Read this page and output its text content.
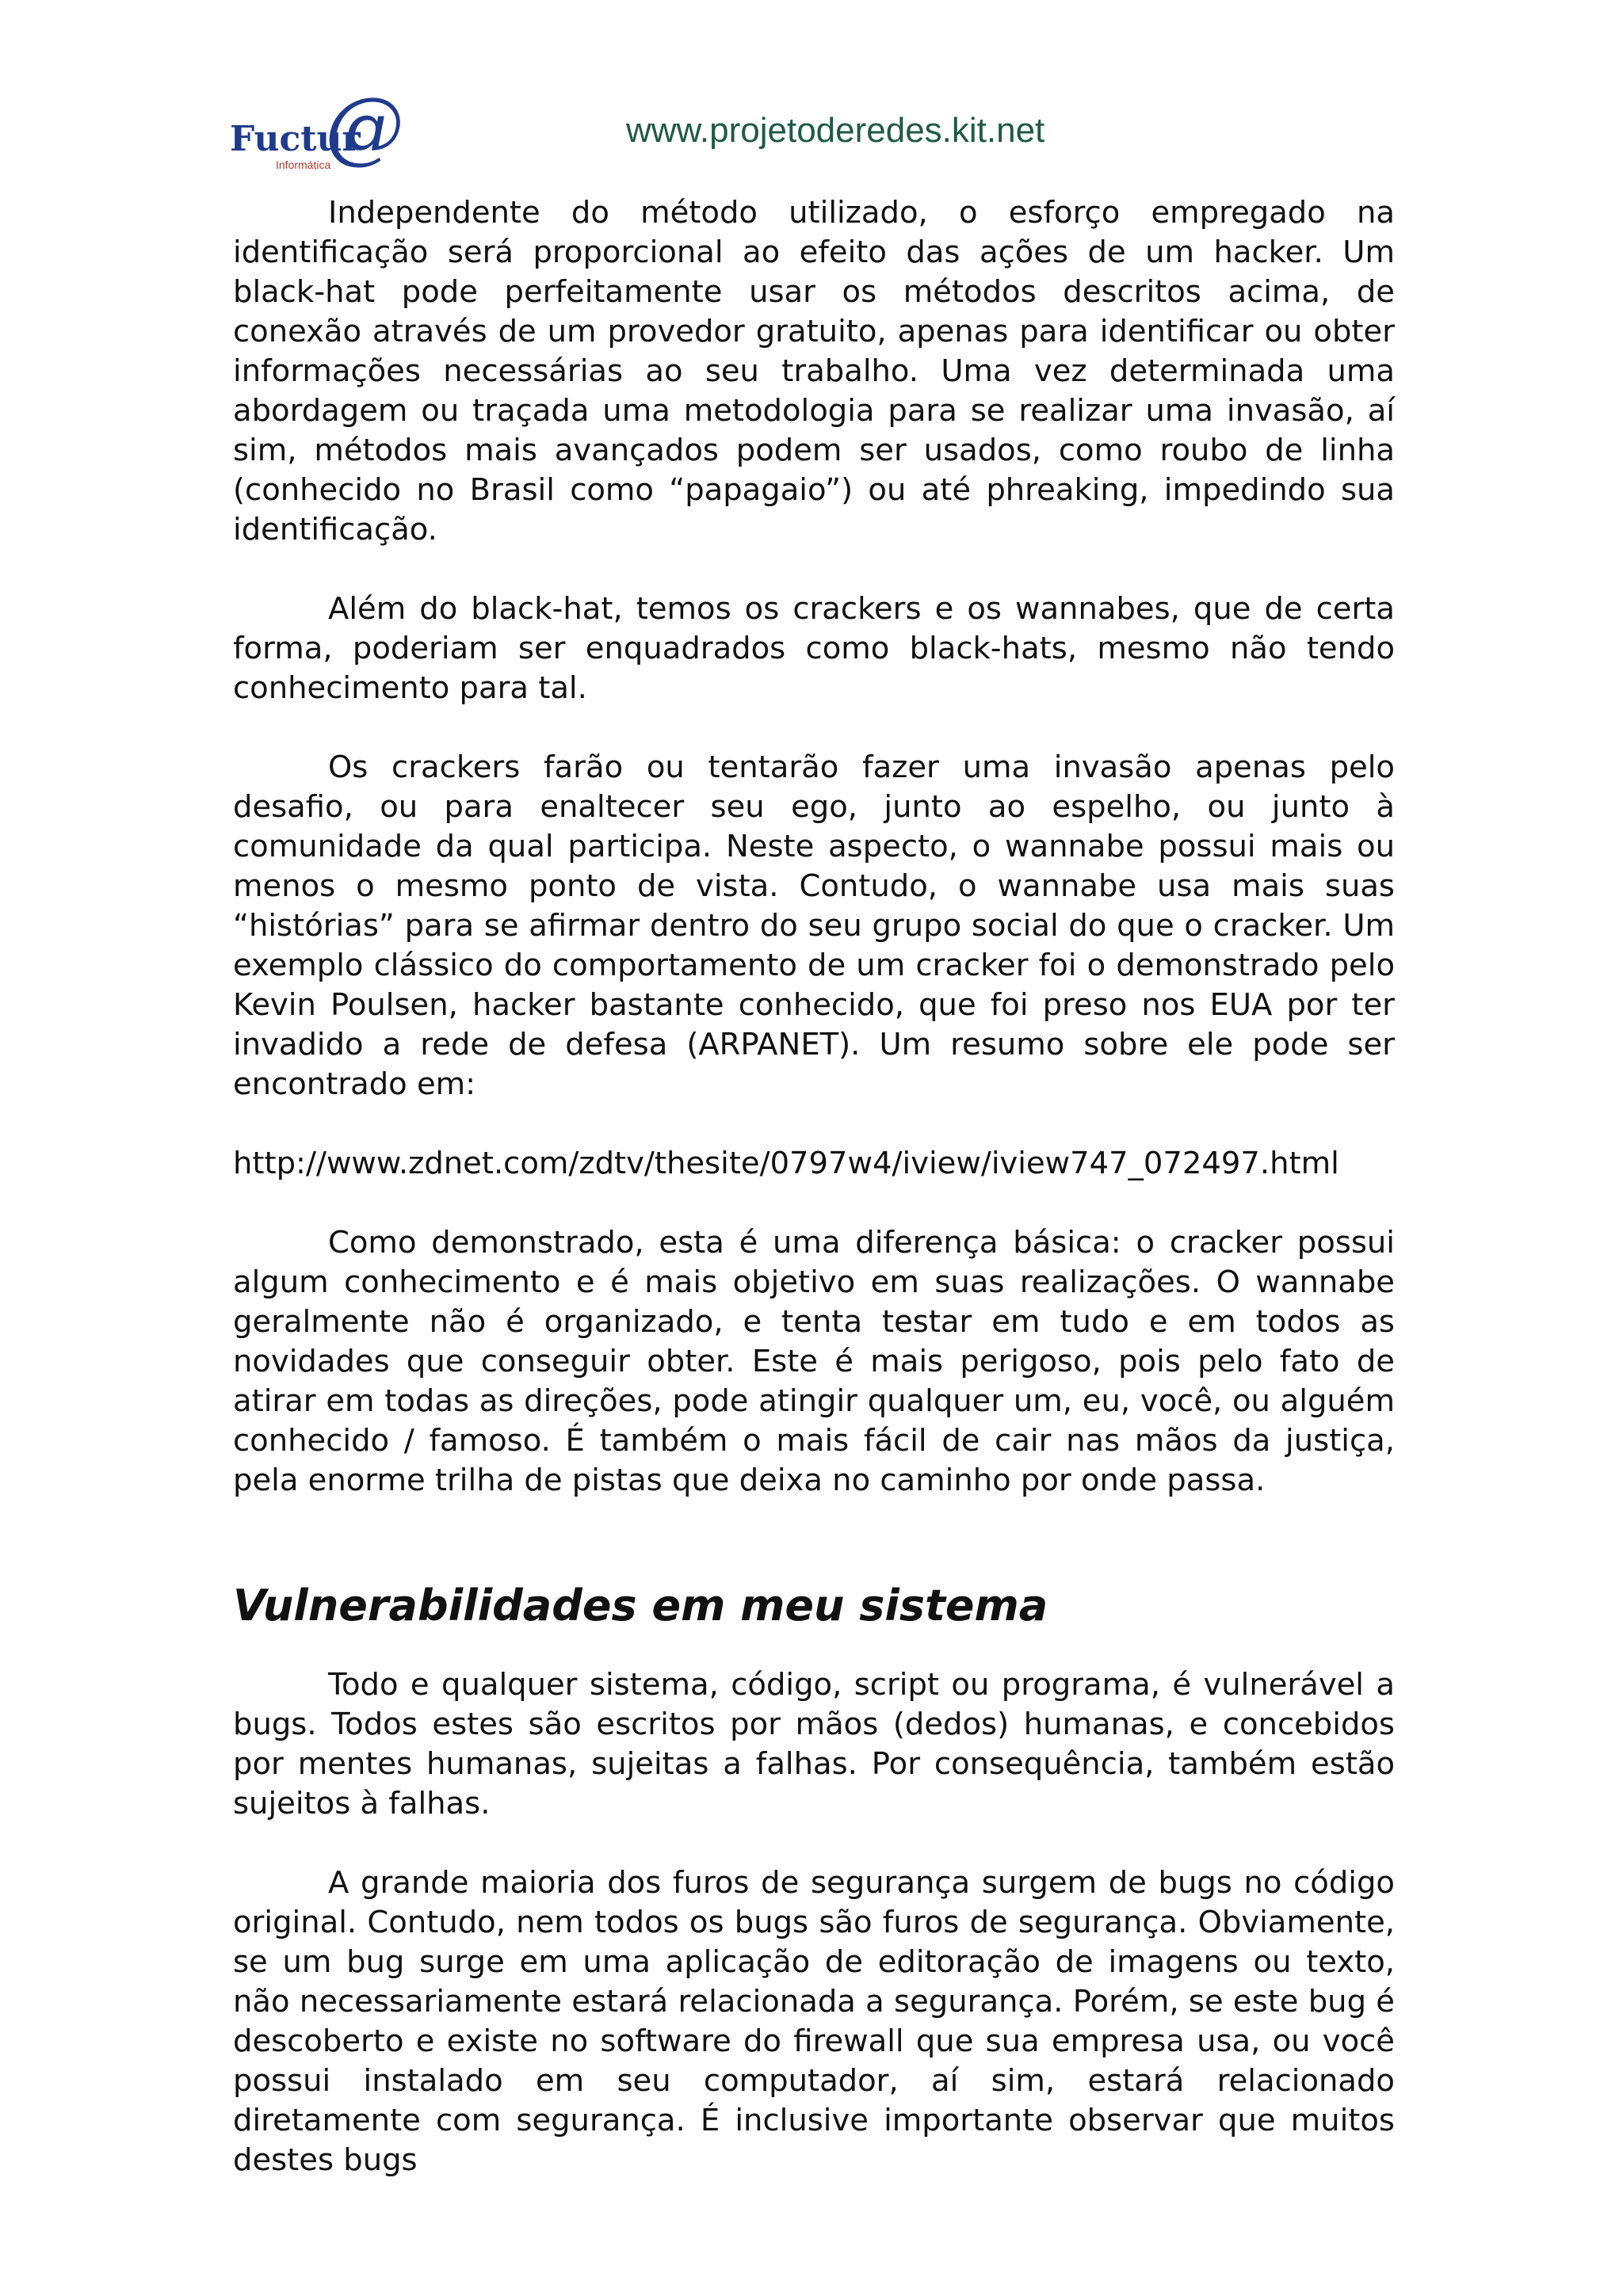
Fuctur
@
Informática
www.projetoderedes.kit.net

Independente do método utilizado, o esforço empregado na identificação será proporcional ao efeito das ações de um hacker. Um black-hat pode perfeitamente usar os métodos descritos acima, de conexão através de um provedor gratuito, apenas para identificar ou obter informações necessárias ao seu trabalho. Uma vez determinada uma abordagem ou traçada uma metodologia para se realizar uma invasão, aí sim, métodos mais avançados podem ser usados, como roubo de linha (conhecido no Brasil como “papagaio”) ou até phreaking, impedindo sua identificação.

Além do black-hat, temos os crackers e os wannabes, que de certa forma, poderiam ser enquadrados como black-hats, mesmo não tendo conhecimento para tal.

Os crackers farão ou tentarão fazer uma invasão apenas pelo desafio, ou para enaltecer seu ego, junto ao espelho, ou junto à comunidade da qual participa. Neste aspecto, o wannabe possui mais ou menos o mesmo ponto de vista. Contudo, o wannabe usa mais suas “histórias” para se afirmar dentro do seu grupo social do que o cracker. Um exemplo clássico do comportamento de um cracker foi o demonstrado pelo Kevin Poulsen, hacker bastante conhecido, que foi preso nos EUA por ter invadido a rede de defesa (ARPANET). Um resumo sobre ele pode ser encontrado em:

http://www.zdnet.com/zdtv/thesite/0797w4/iview/iview747_072497.html

Como demonstrado, esta é uma diferença básica: o cracker possui algum conhecimento e é mais objetivo em suas realizações. O wannabe geralmente não é organizado, e tenta testar em tudo e em todos as novidades que conseguir obter. Este é mais perigoso, pois pelo fato de atirar em todas as direções, pode atingir qualquer um, eu, você, ou alguém conhecido / famoso. É também o mais fácil de cair nas mãos da justiça, pela enorme trilha de pistas que deixa no caminho por onde passa.

Vulnerabilidades em meu sistema

Todo e qualquer sistema, código, script ou programa, é vulnerável a bugs. Todos estes são escritos por mãos (dedos) humanas, e concebidos por mentes humanas, sujeitas a falhas. Por consequência, também estão sujeitos à falhas.

A grande maioria dos furos de segurança surgem de bugs no código original. Contudo, nem todos os bugs são furos de segurança. Obviamente, se um bug surge em uma aplicação de editoração de imagens ou texto, não necessariamente estará relacionada a segurança. Porém, se este bug é descoberto e existe no software do firewall que sua empresa usa, ou você possui instalado em seu computador, aí sim, estará relacionado diretamente com segurança. É inclusive importante observar que muitos destes bugs
